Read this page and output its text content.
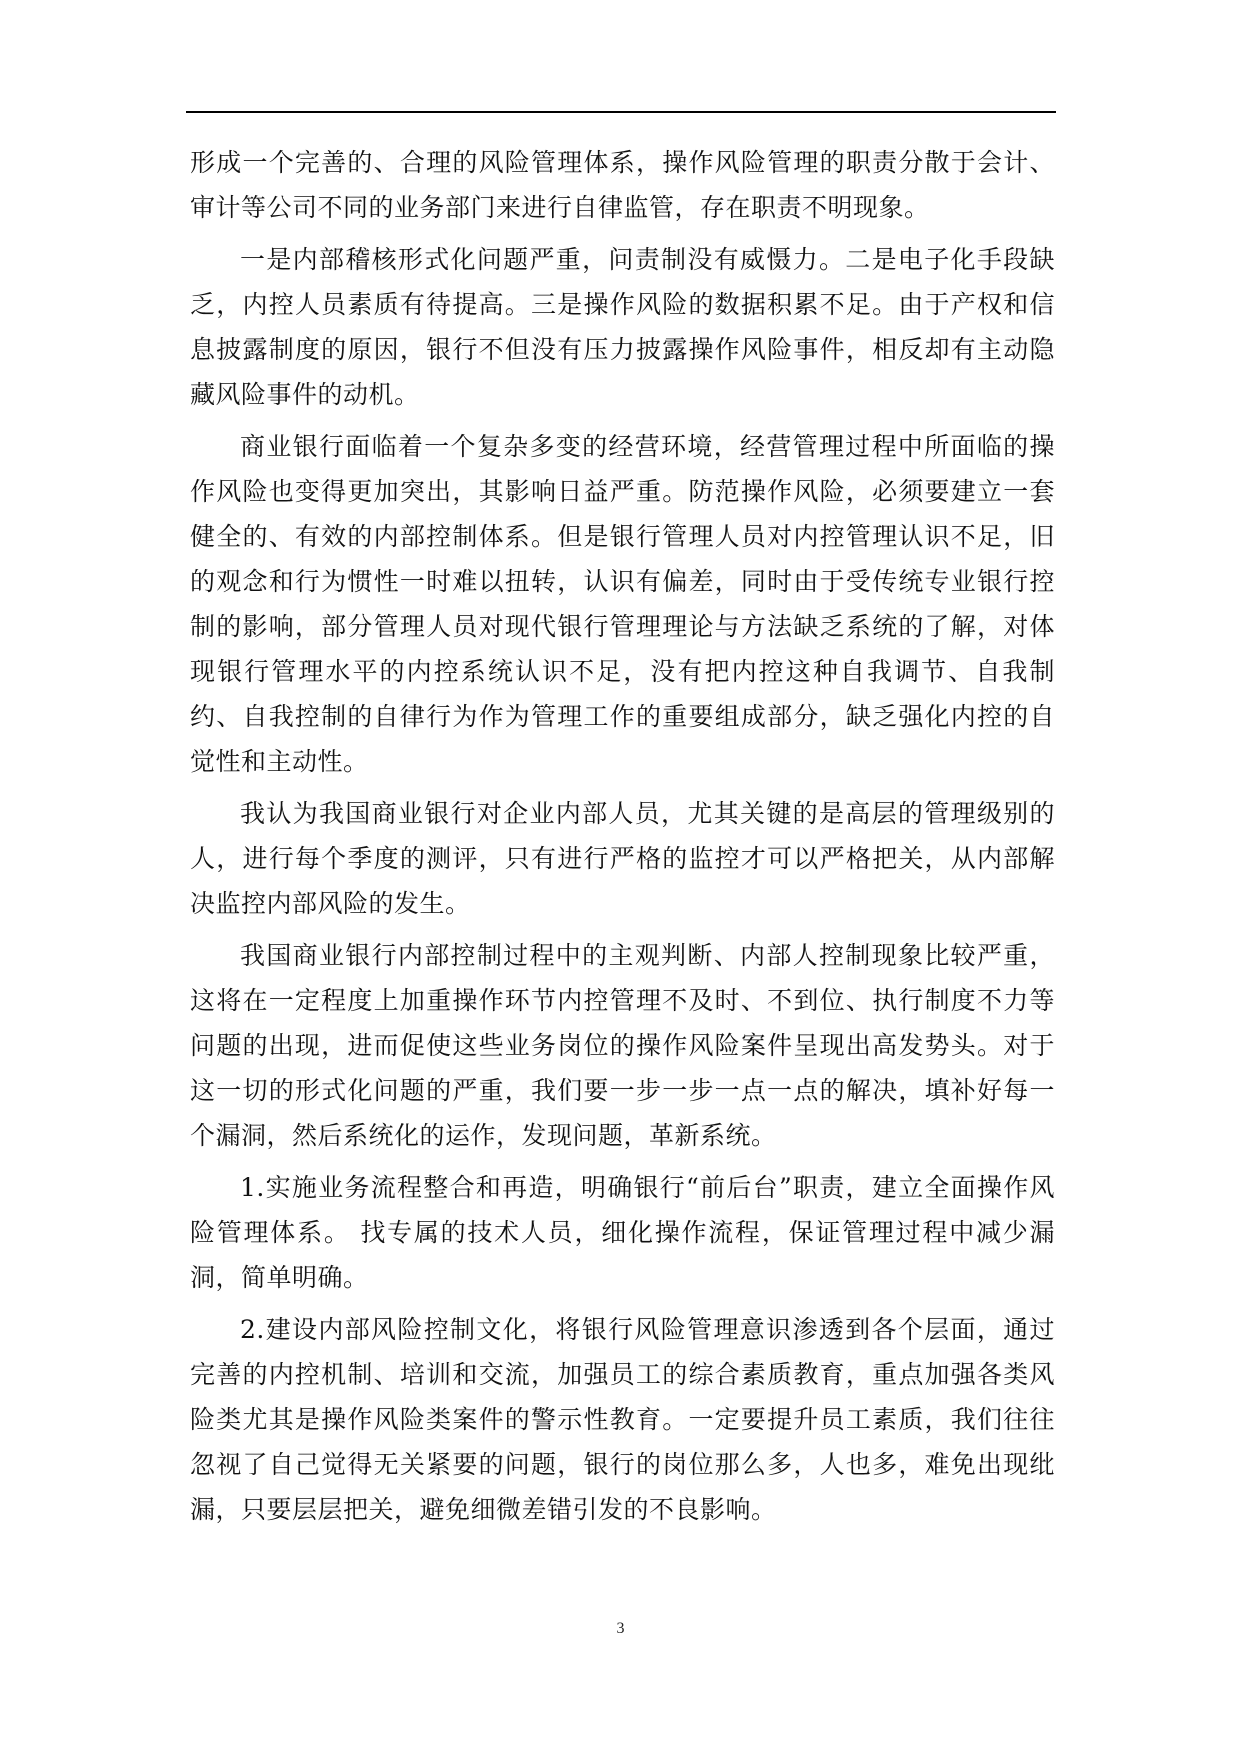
形成一个完善的、合理的风险管理体系，操作风险管理的职责分散于会计、审计等公司不同的业务部门来进行自律监管，存在职责不明现象。

一是内部稽核形式化问题严重，问责制没有威慑力。二是电子化手段缺乏，内控人员素质有待提高。三是操作风险的数据积累不足。由于产权和信息披露制度的原因，银行不但没有压力披露操作风险事件，相反却有主动隐藏风险事件的动机。

商业银行面临着一个复杂多变的经营环境，经营管理过程中所面临的操作风险也变得更加突出，其影响日益严重。防范操作风险，必须要建立一套健全的、有效的内部控制体系。但是银行管理人员对内控管理认识不足，旧的观念和行为惯性一时难以扭转，认识有偏差，同时由于受传统专业银行控制的影响，部分管理人员对现代银行管理理论与方法缺乏系统的了解，对体现银行管理水平的内控系统认识不足，没有把内控这种自我调节、自我制约、自我控制的自律行为作为管理工作的重要组成部分，缺乏强化内控的自觉性和主动性。

我认为我国商业银行对企业内部人员，尤其关键的是高层的管理级别的人，进行每个季度的测评，只有进行严格的监控才可以严格把关，从内部解决监控内部风险的发生。

我国商业银行内部控制过程中的主观判断、内部人控制现象比较严重，这将在一定程度上加重操作环节内控管理不及时、不到位、执行制度不力等问题的出现，进而促使这些业务岗位的操作风险案件呈现出高发势头。对于这一切的形式化问题的严重，我们要一步一步一点一点的解决，填补好每一个漏洞，然后系统化的运作，发现问题，革新系统。

1.实施业务流程整合和再造，明确银行“前后台”职责，建立全面操作风险管理体系。 找专属的技术人员，细化操作流程，保证管理过程中减少漏洞，简单明确。

2.建设内部风险控制文化，将银行风险管理意识渗透到各个层面，通过完善的内控机制、培训和交流，加强员工的综合素质教育，重点加强各类风险类尤其是操作风险类案件的警示性教育。一定要提升员工素质，我们往往忽视了自己觉得无关紧要的问题，银行的岗位那么多，人也多，难免出现纰漏，只要层层把关，避免细微差错引发的不良影响。

3
